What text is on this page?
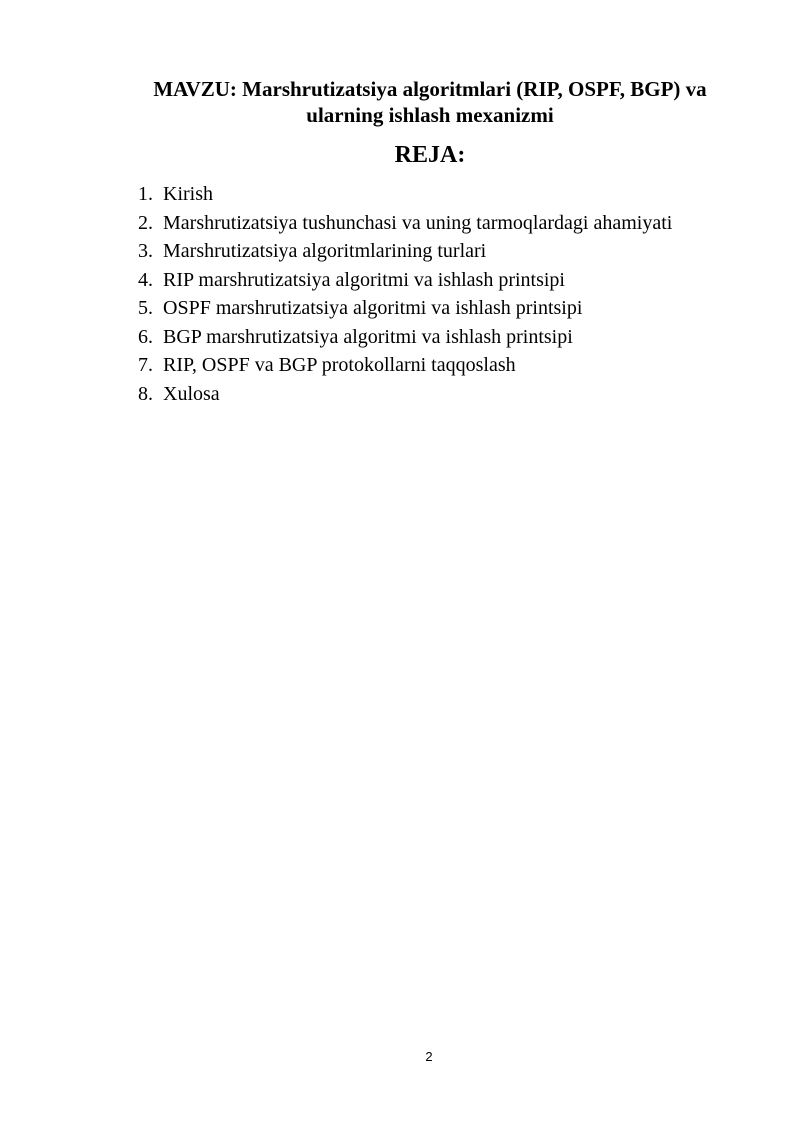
MAVZU: Marshrutizatsiya algoritmlari (RIP, OSPF, BGP) va
ularning ishlash mexanizmi
REJA:
1. Kirish
2. Marshrutizatsiya tushunchasi va uning tarmoqlardagi ahamiyati
3. Marshrutizatsiya algoritmlarining turlari
4. RIP marshrutizatsiya algoritmi va ishlash printsipi
5. OSPF marshrutizatsiya algoritmi va ishlash printsipi
6. BGP marshrutizatsiya algoritmi va ishlash printsipi
7. RIP, OSPF va BGP protokollarni taqqoslash
8. Xulosa
2
